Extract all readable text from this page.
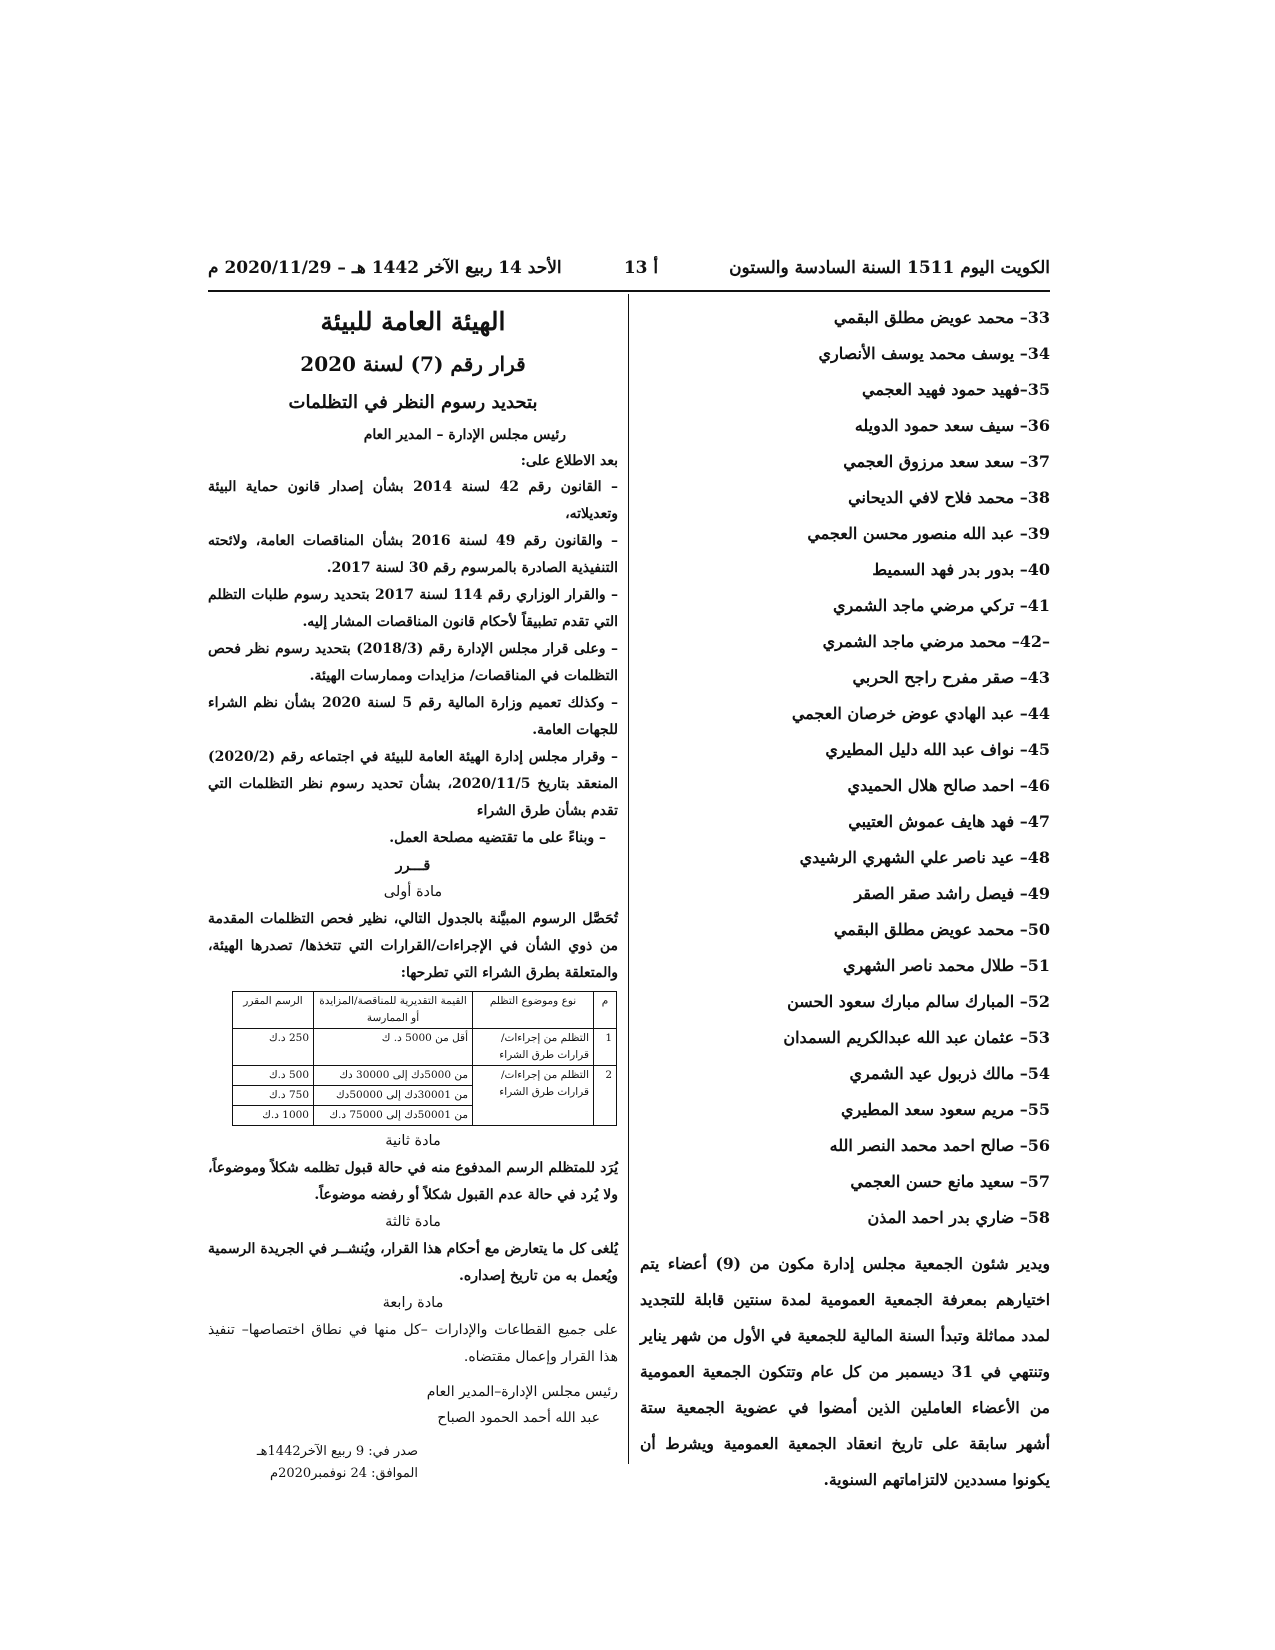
الكويت اليوم 1511 السنة السادسة والستون
أ 13
الأحد 14 ربيع الآخر 1442 هـ – 2020/11/29 م
33– محمد عويض مطلق البقمي
34– يوسف محمد يوسف الأنصاري
35–فهيد حمود فهيد العجمي
36– سيف سعد حمود الدويله
37– سعد سعد مرزوق العجمي
38– محمد فلاح لافي الديحاني
39– عبد الله منصور محسن العجمي
40– بدور بدر فهد السميط
41– تركي مرضي ماجد الشمري
–42– محمد مرضي ماجد الشمري
43– صقر مفرح راجح الحربي
44– عبد الهادي عوض خرصان العجمي
45– نواف عبد الله دليل المطيري
46– احمد صالح هلال الحميدي
47– فهد هايف عموش العتيبي
48– عيد ناصر علي الشهري الرشيدي
49– فيصل راشد صقر الصقر
50– محمد عويض مطلق البقمي
51– طلال محمد ناصر الشهري
52– المبارك سالم مبارك سعود الحسن
53– عثمان عبد الله عبدالكريم السمدان
54– مالك ذربول عيد الشمري
55– مريم سعود سعد المطيري
56– صالح احمد محمد النصر الله
57– سعيد مانع حسن العجمي
58– ضاري بدر احمد المذن

ويدير شئون الجمعية مجلس إدارة مكون من (9) أعضاء يتم اختيارهم بمعرفة الجمعية العمومية لمدة سنتين قابلة للتجديد لمدد مماثلة وتبدأ السنة المالية للجمعية في الأول من شهر يناير وتنتهي في 31 ديسمبر من كل عام وتتكون الجمعية العمومية من الأعضاء العاملين الذين أمضوا في عضوية الجمعية ستة أشهر سابقة على تاريخ انعقاد الجمعية العمومية ويشرط أن يكونوا مسددين لالتزاماتهم السنوية.

الهيئة العامة للبيئة
قرار رقم (7) لسنة 2020
بتحديد رسوم النظر في التظلمات

رئيس مجلس الإدارة – المدير العام

بعد الاطلاع على:

– القانون رقم 42 لسنة 2014 بشأن إصدار قانون حماية البيئة وتعديلاته،

– والقانون رقم 49 لسنة 2016 بشأن المناقصات العامة، ولائحته التنفيذية الصادرة بالمرسوم رقم 30 لسنة 2017.

– والقرار الوزاري رقم 114 لسنة 2017 بتحديد رسوم طلبات التظلم التي تقدم تطبيقاً لأحكام قانون المناقصات المشار إليه.

– وعلى قرار مجلس الإدارة رقم (2018/3) بتحديد رسوم نظر فحص التظلمات في المناقصات/ مزايدات وممارسات الهيئة.

– وكذلك تعميم وزارة المالية رقم 5 لسنة 2020 بشأن نظم الشراء للجهات العامة.

– وقرار مجلس إدارة الهيئة العامة للبيئة في اجتماعه رقم (2020/2) المنعقد بتاريخ 2020/11/5، بشأن تحديد رسوم نظر التظلمات التي تقدم بشأن طرق الشراء

– وبناءً على ما تقتضيه مصلحة العمل.

قـــرر

مادة أولى

تُحَصَّل الرسوم المبيَّنة بالجدول التالي، نظير فحص التظلمات المقدمة من ذوي الشأن في الإجراءات/القرارات التي تتخذها/ تصدرها الهيئة، والمتعلقة بطرق الشراء التي تطرحها:

م	نوع وموضوع التظلم	القيمة التقديرية للمناقصة/المزايدة أو الممارسة	الرسم المقرر
1	التظلم من إجراءات/قرارات طرق الشراء	أقل من 5000 د. ك	250 د.ك
2	التظلم من إجراءات/قرارات طرق الشراء	من 5000دك إلى 30000 دك	500 د.ك
		من 30001دك إلى 50000دك	750 د.ك
		من 50001دك إلى 75000 د.ك	1000 د.ك

مادة ثانية

يُرَد للمتظلم الرسم المدفوع منه في حالة قبول تظلمه شكلاً وموضوعاً، ولا يُرد في حالة عدم القبول شكلاً أو رفضه موضوعاً.

مادة ثالثة

يُلغى كل ما يتعارض مع أحكام هذا القرار، ويُنشــر في الجريدة الرسمية ويُعمل به من تاريخ إصداره.

مادة رابعة

على جميع القطاعات والإدارات –كل منها في نطاق اختصاصها– تنفيذ هذا القرار وإعمال مقتضاه.

رئيس مجلس الإدارة–المدير العام
عبد الله أحمد الحمود الصباح
صدر في: 9 ربيع الآخر1442هـ
الموافق: 24 نوفمبر2020م
